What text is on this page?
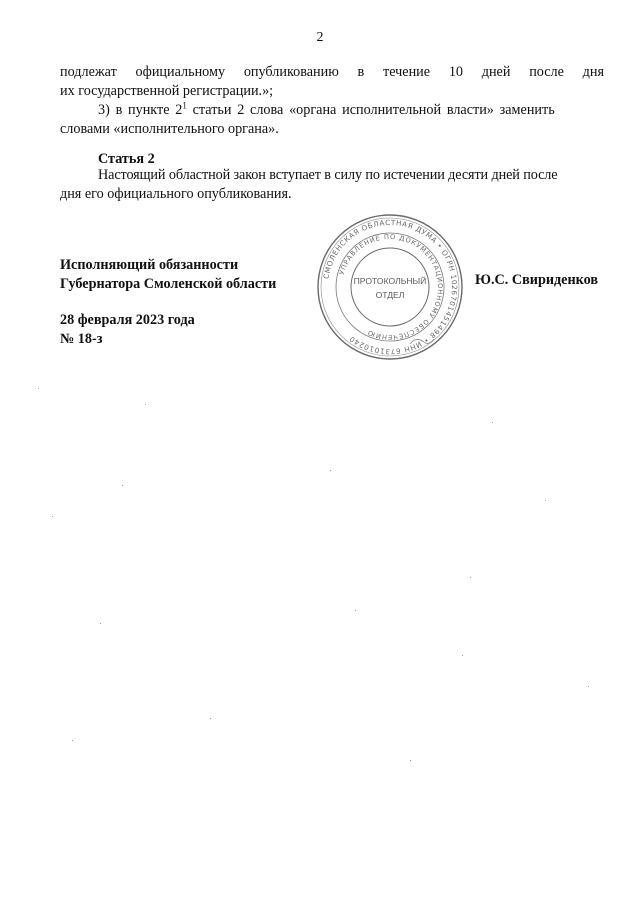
2
подлежат официальному опубликованию в течение 10 дней после дня
их государственной регистрации.»;
3) в пункте $2^1$ статьи 2 слова «органа исполнительной власти» заменить
словами «исполнительного органа».
Статья 2
Настоящий областной закон вступает в силу по истечении десяти дней после
дня его официального опубликования.
Исполняющий обязанности
Губернатора Смоленской области	Ю.С. Свириденков
28 февраля 2023 года
№ 18-з
СМОЛЕНСКАЯ ОБЛАСТНАЯ ДУМА • ОГРН 1026701451498 • ИНН 6731010240
УПРАВЛЕНИЕ ПО ДОКУМЕНТАЦИОННОМУ ОБЕСПЕЧЕНИЮ
ПРОТОКОЛЬНЫЙ
ОТДЕЛ
